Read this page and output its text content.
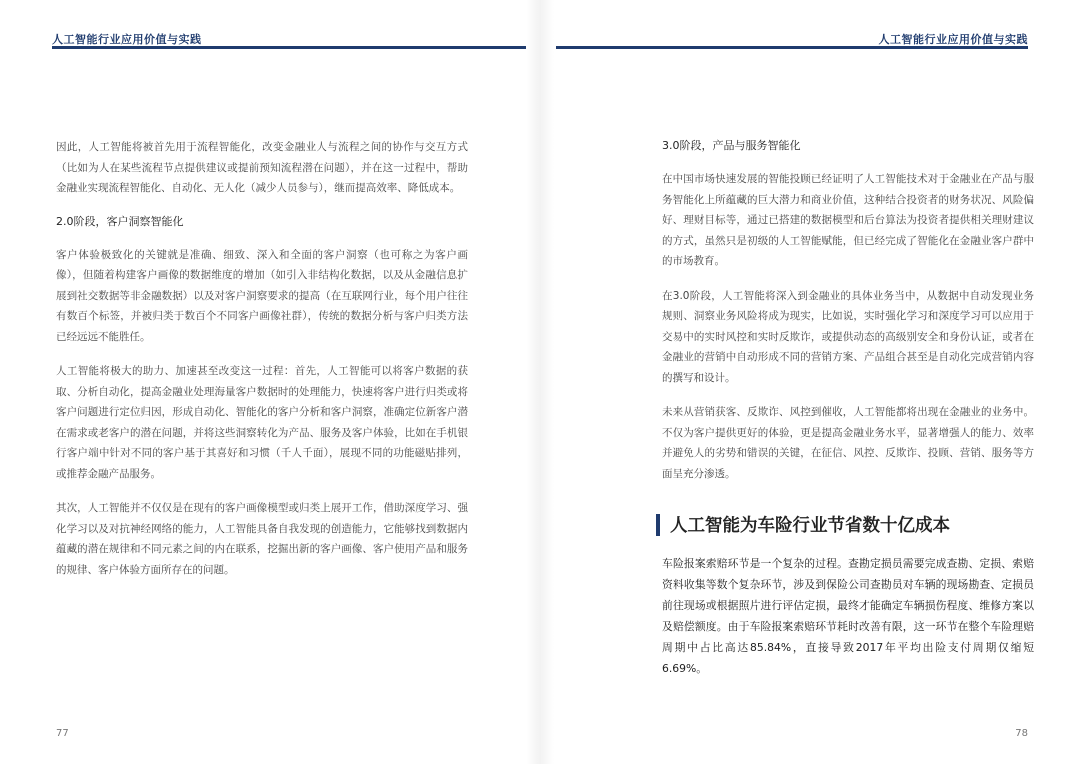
人工智能行业应用价值与实践

因此，人工智能将被首先用于流程智能化，改变金融业人与流程之间的协作与交互方式（比如为人在某些流程节点提供建议或提前预知流程潜在问题），并在这一过程中，帮助金融业实现流程智能化、自动化、无人化（减少人员参与），继而提高效率、降低成本。

2.0阶段，客户洞察智能化

客户体验极致化的关键就是准确、细致、深入和全面的客户洞察（也可称之为客户画像），但随着构建客户画像的数据维度的增加（如引入非结构化数据，以及从金融信息扩展到社交数据等非金融数据）以及对客户洞察要求的提高（在互联网行业，每个用户往往有数百个标签，并被归类于数百个不同客户画像社群），传统的数据分析与客户归类方法已经远远不能胜任。

人工智能将极大的助力、加速甚至改变这一过程：首先，人工智能可以将客户数据的获取、分析自动化，提高金融业处理海量客户数据时的处理能力，快速将客户进行归类或将客户问题进行定位归因，形成自动化、智能化的客户分析和客户洞察，准确定位新客户潜在需求或老客户的潜在问题，并将这些洞察转化为产品、服务及客户体验，比如在手机银行客户端中针对不同的客户基于其喜好和习惯（千人千面），展现不同的功能磁贴排列，或推荐金融产品服务。

其次，人工智能并不仅仅是在现有的客户画像模型或归类上展开工作，借助深度学习、强化学习以及对抗神经网络的能力，人工智能具备自我发现的创造能力，它能够找到数据内蕴藏的潜在规律和不同元素之间的内在联系，挖掘出新的客户画像、客户使用产品和服务的规律、客户体验方面所存在的问题。

77
人工智能行业应用价值与实践
3.0阶段，产品与服务智能化

在中国市场快速发展的智能投顾已经证明了人工智能技术对于金融业在产品与服务智能化上所蕴藏的巨大潜力和商业价值，这种结合投资者的财务状况、风险偏好、理财目标等，通过已搭建的数据模型和后台算法为投资者提供相关理财建议的方式，虽然只是初级的人工智能赋能，但已经完成了智能化在金融业客户群中的市场教育。

在3.0阶段，人工智能将深入到金融业的具体业务当中，从数据中自动发现业务规则、洞察业务风险将成为现实，比如说，实时强化学习和深度学习可以应用于交易中的实时风控和实时反欺诈，或提供动态的高级别安全和身份认证，或者在金融业的营销中自动形成不同的营销方案、产品组合甚至是自动化完成营销内容的撰写和设计。

未来从营销获客、反欺诈、风控到催收，人工智能都将出现在金融业的业务中。不仅为客户提供更好的体验，更是提高金融业务水平，显著增强人的能力、效率并避免人的劣势和错误的关键，在征信、风控、反欺诈、投顾、营销、服务等方面呈充分渗透。

人工智能为车险行业节省数十亿成本

车险报案索赔环节是一个复杂的过程。查勘定损员需要完成查勘、定损、索赔资料收集等数个复杂环节，涉及到保险公司查勘员对车辆的现场勘查、定损员前往现场或根据照片进行评估定损，最终才能确定车辆损伤程度、维修方案以及赔偿额度。由于车险报案索赔环节耗时改善有限，这一环节在整个车险理赔周期中占比高达85.84%，直接导致2017年平均出险支付周期仅缩短6.69%。

78
